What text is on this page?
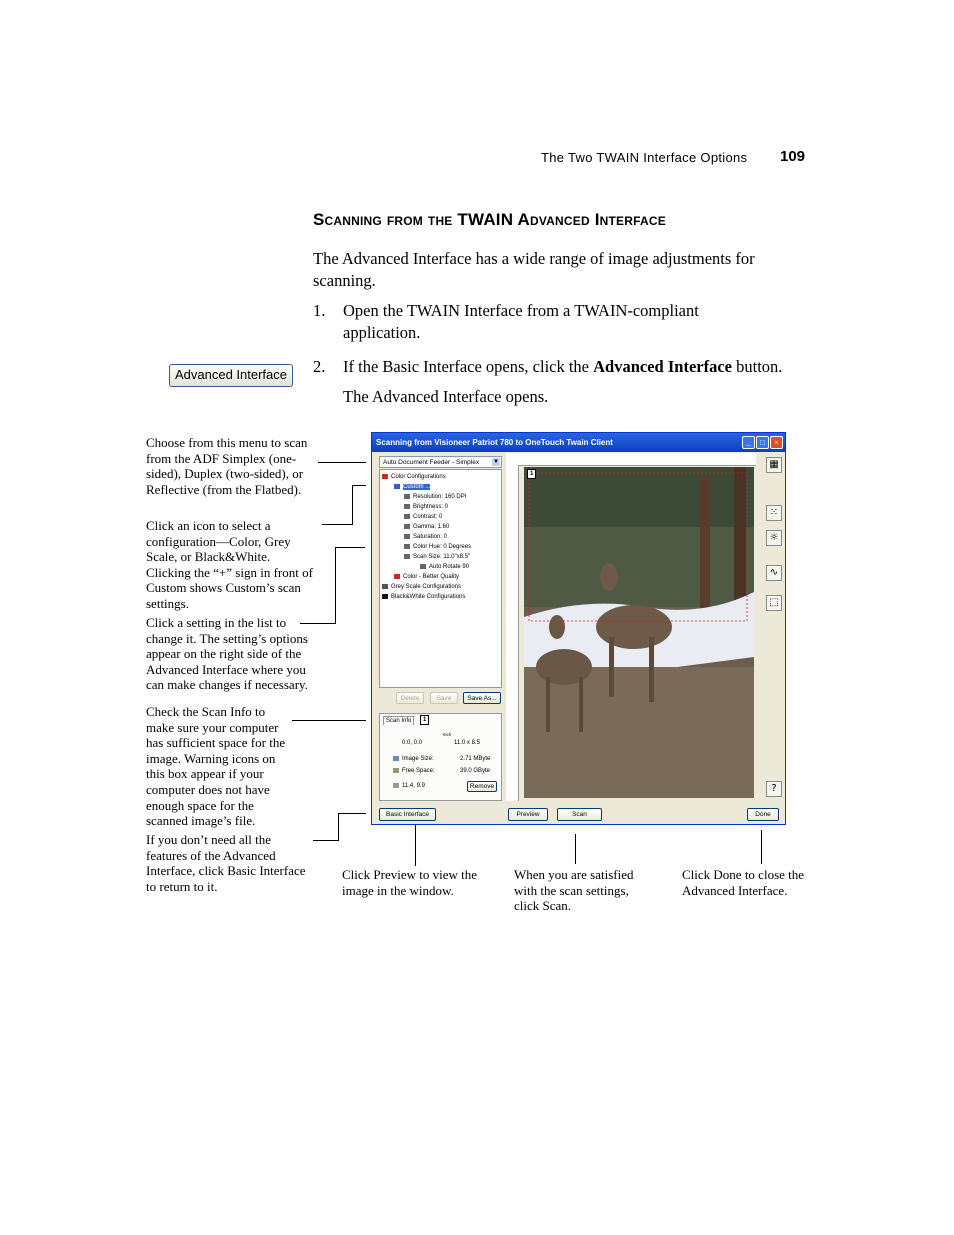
The Two TWAIN Interface Options 109
Scanning from the TWAIN Advanced Interface
The Advanced Interface has a wide range of image adjustments for scanning.
1. Open the TWAIN Interface from a TWAIN-compliant application.
Advanced Interface	2. If the Basic Interface opens, click the Advanced Interface button.
The Advanced Interface opens.
Choose from this menu to scan from the ADF Simplex (one-sided), Duplex (two-sided), or Reflective (from the Flatbed).
Click an icon to select a configuration—Color, Grey Scale, or Black&White. Clicking the “+” sign in front of Custom shows Custom’s scan settings.
Click a setting in the list to change it. The setting’s options appear on the right side of the Advanced Interface where you can make changes if necessary.
Check the Scan Info to make sure your computer has sufficient space for the image. Warning icons on this box appear if your computer does not have enough space for the scanned image’s file.
If you don’t need all the features of the Advanced Interface, click Basic Interface to return to it.
Click Preview to view the image in the window.
When you are satisfied with the scan settings, click Scan.
Click Done to close the Advanced Interface.
Scanning from Visioneer Patriot 780 to OneTouch Twain Client	_	□	×
Auto Document Feeder - Simplex ▼
Color Configurations
Custom ...
Resolution: 160 DPI
Brightness: 0
Contrast: 0
Gamma: 1.60
Saturation: 0
Color Hue: 0 Degrees
Scan Size: 11.0"x8.5"
Auto Rotate 90
Color - Better Quality
Grey Scale Configurations
Black&White Configurations
Delete	Save	Save As...
Scan Info	1
0.0, 0.0
inch
11.0 x 8.5
Image Size:	2.71 MByte
Free Space:	39.0 GByte
11.4, 9.9	Remove
1
▦
⁙
☼
∿
⬚
?
Basic Interface	Preview	Scan	Done
